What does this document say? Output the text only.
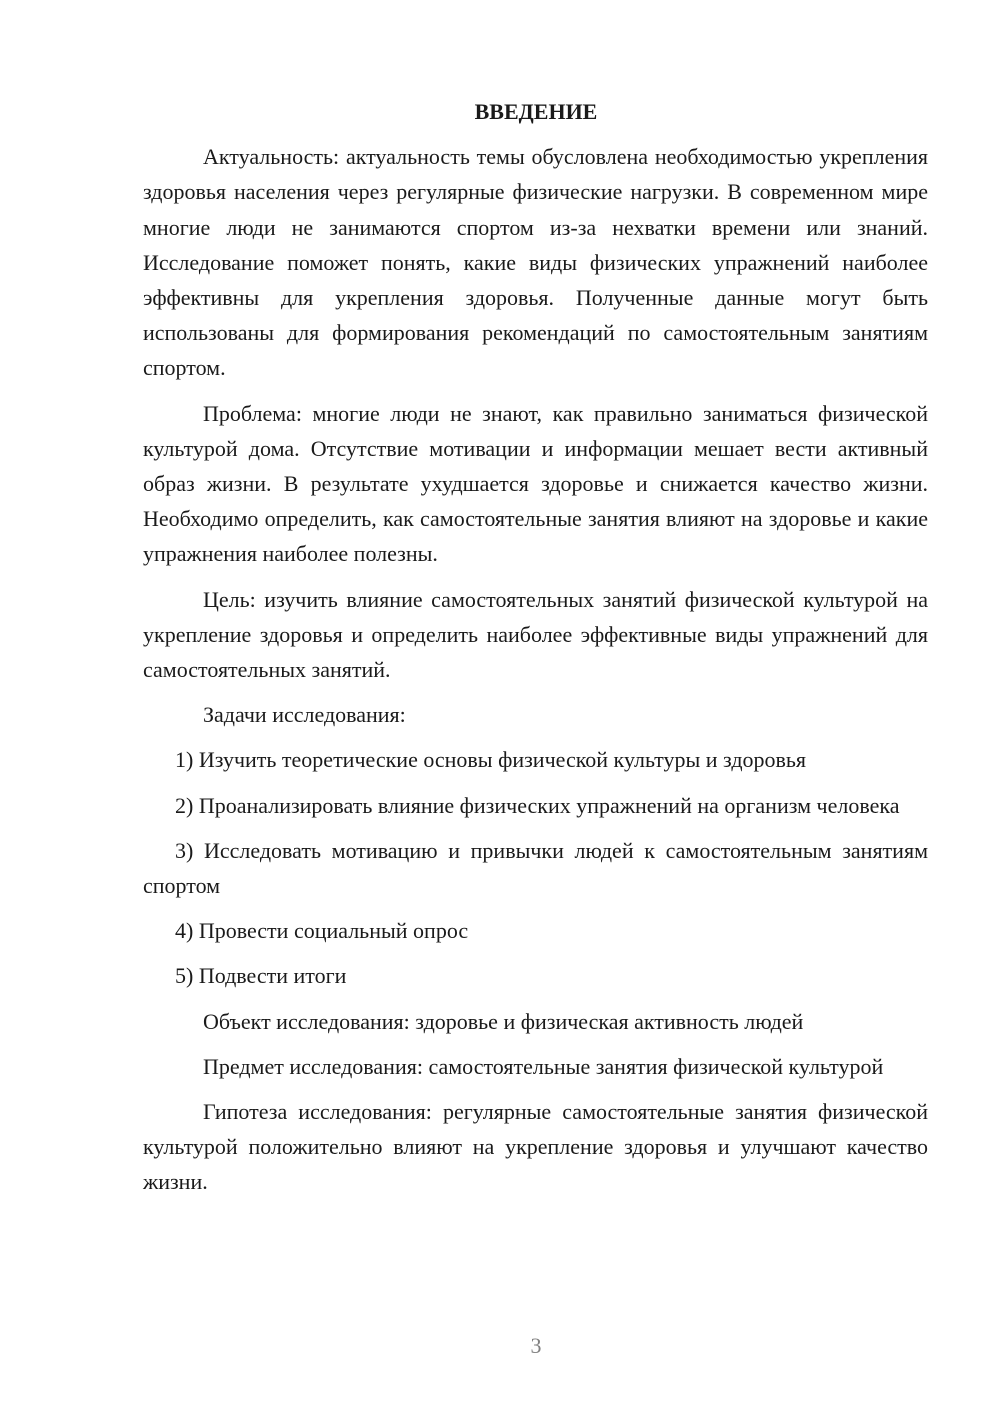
ВВЕДЕНИЕ

Актуальность: актуальность темы обусловлена необходимостью укрепления здоровья населения через регулярные физические нагрузки. В современном мире многие люди не занимаются спортом из-за нехватки времени или знаний. Исследование поможет понять, какие виды физических упражнений наиболее эффективны для укрепления здоровья. Полученные данные могут быть использованы для формирования рекомендаций по самостоятельным занятиям спортом.

Проблема: многие люди не знают, как правильно заниматься физической культурой дома. Отсутствие мотивации и информации мешает вести активный образ жизни. В результате ухудшается здоровье и снижается качество жизни. Необходимо определить, как самостоятельные занятия влияют на здоровье и какие упражнения наиболее полезны.

Цель: изучить влияние самостоятельных занятий физической культурой на укрепление здоровья и определить наиболее эффективные виды упражнений для самостоятельных занятий.

Задачи исследования:

1) Изучить теоретические основы физической культуры и здоровья

2) Проанализировать влияние физических упражнений на организм человека

3) Исследовать мотивацию и привычки людей к самостоятельным занятиям спортом

4) Провести социальный опрос

5) Подвести итоги

Объект исследования: здоровье и физическая активность людей

Предмет исследования: самостоятельные занятия физической культурой

Гипотеза исследования: регулярные самостоятельные занятия физической культурой положительно влияют на укрепление здоровья и улучшают качество жизни.

3
